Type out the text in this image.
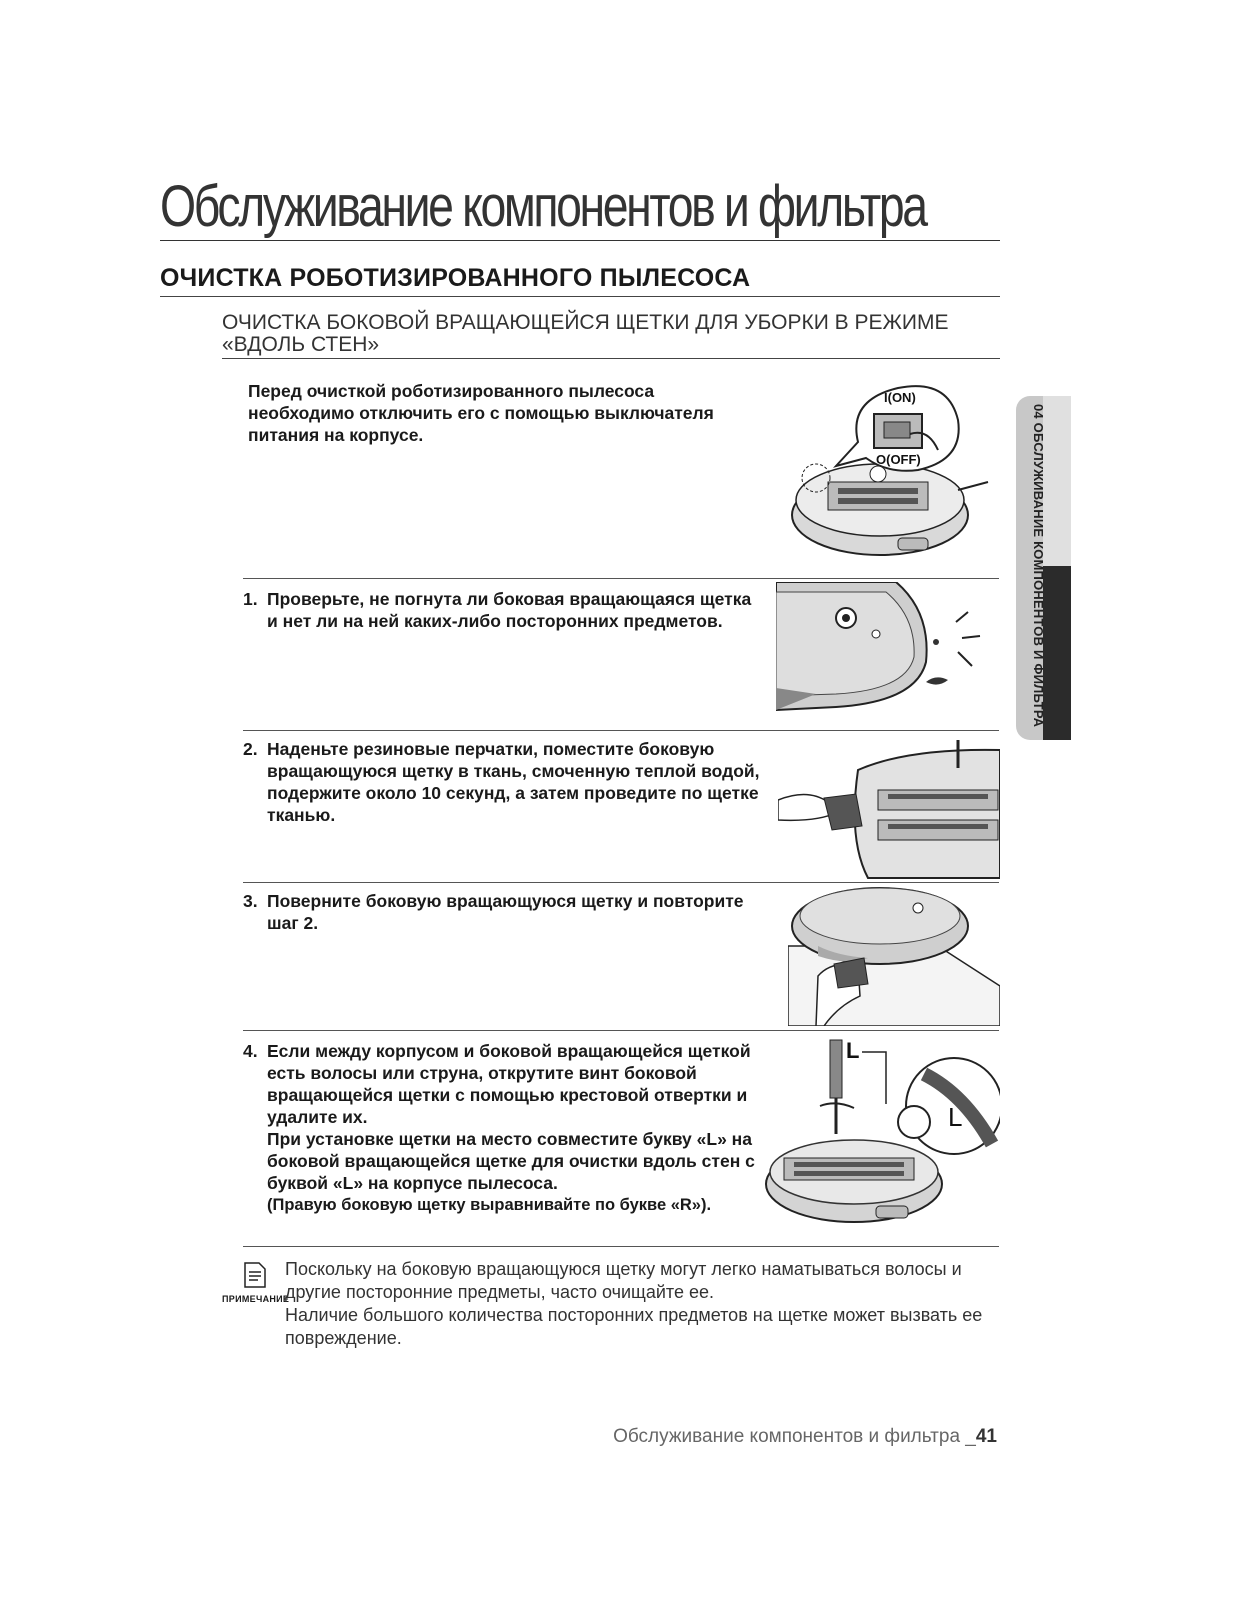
Обслуживание компонентов и фильтра
ОЧИСТКА РОБОТИЗИРОВАННОГО ПЫЛЕСОСА
ОЧИСТКА БОКОВОЙ ВРАЩАЮЩЕЙСЯ ЩЕТКИ ДЛЯ УБОРКИ В РЕЖИМЕ «ВДОЛЬ СТЕН»
Перед очисткой роботизированного пылесоса необходимо отключить его с помощью выключателя питания на корпусе.
I(ON)
O(OFF)
1. Проверьте, не погнута ли боковая вращающаяся щетка и нет ли на ней каких-либо посторонних предметов.
2. Наденьте резиновые перчатки, поместите боковую вращающуюся щетку в ткань, смоченную теплой водой, подержите около 10 секунд, а затем проведите по щетке тканью.
3. Поверните боковую вращающуюся щетку и повторите шаг 2.
4. Если между корпусом и боковой вращающейся щеткой есть волосы или струна, открутите винт боковой вращающейся щетки с помощью крестовой отвертки и удалите их.
При установке щетки на место совместите букву «L» на боковой вращающейся щетке для очистки вдоль стен с буквой «L» на корпусе пылесоса.
(Правую боковую щетку выравнивайте по букве «R»).
L
L
ПРИМЕЧАНИЕ

Поскольку на боковую вращающуюся щетку могут легко наматываться волосы и другие посторонние предметы, часто очищайте ее.

Наличие большого количества посторонних предметов на щетке может вызвать ее повреждение.

04 ОБСЛУЖИВАНИЕ КОМПОНЕНТОВ И ФИЛЬТРА
Обслуживание компонентов и фильтра _41
